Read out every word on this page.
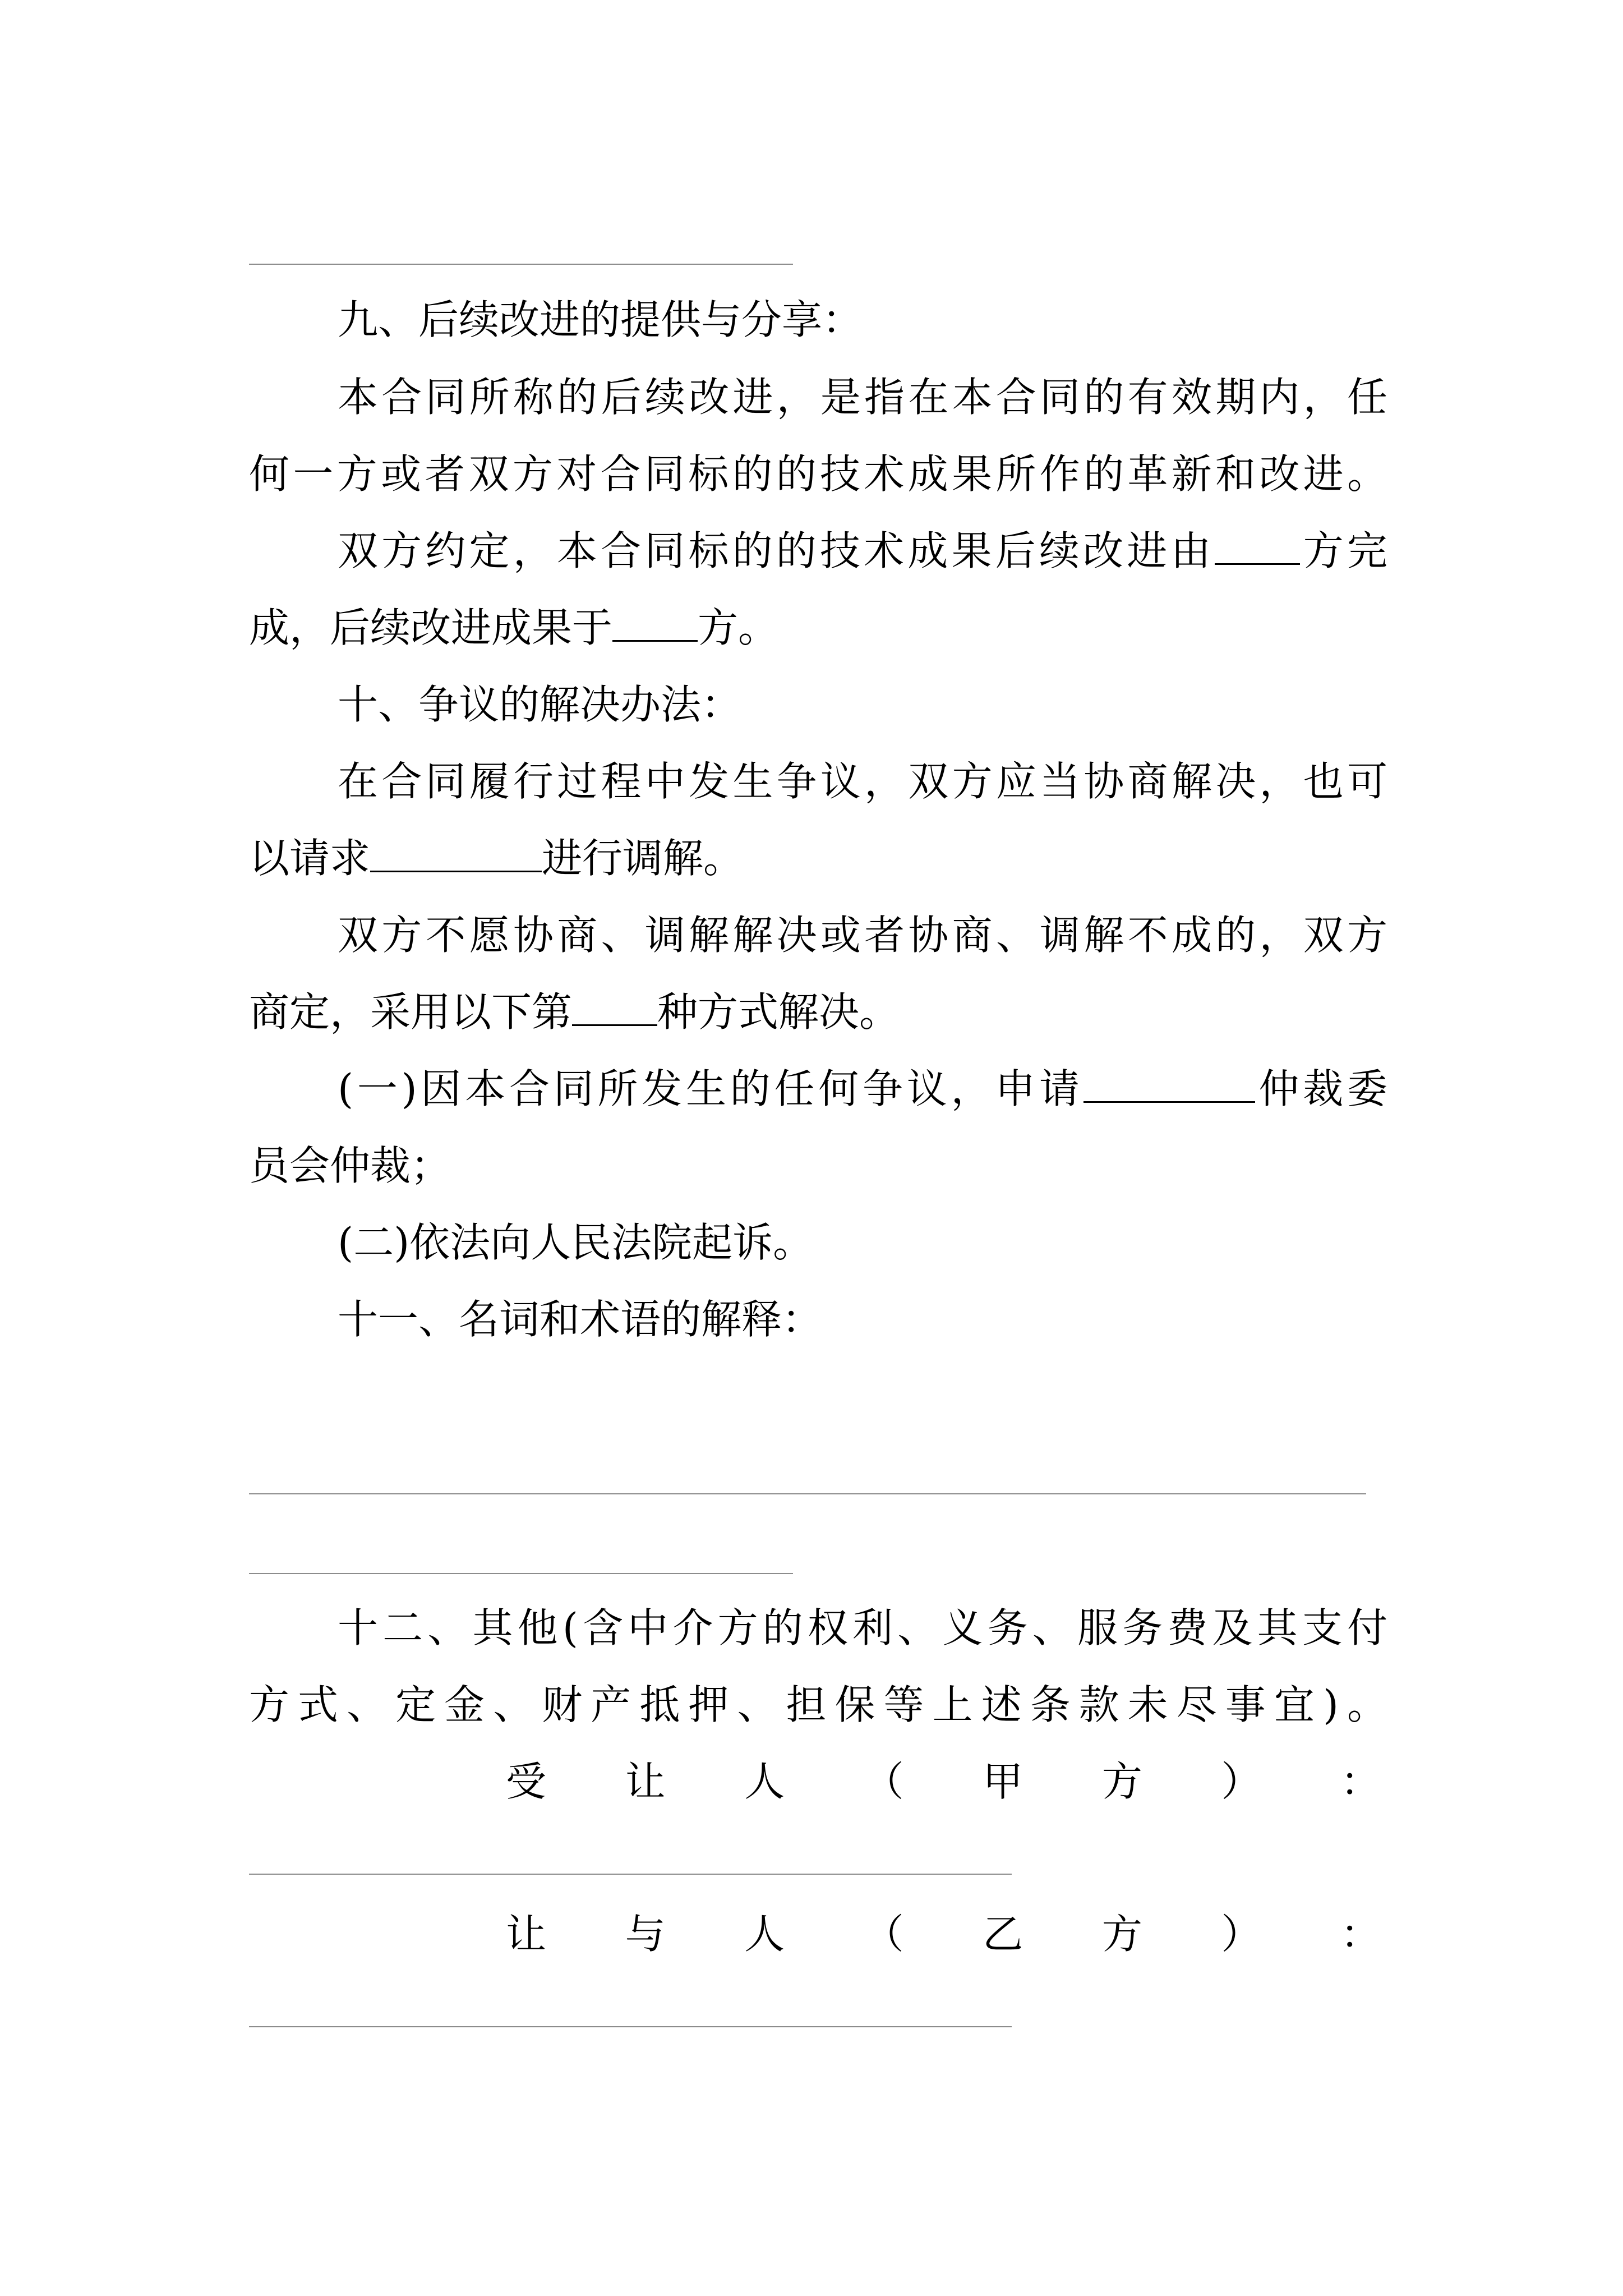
九、后续改进的提供与分享：
本合同所称的后续改进，是指在本合同的有效期内，任
何一方或者双方对合同标的的技术成果所作的革新和改进。
双方约定，本合同标的的技术成果后续改进由 方完
成，后续改进成果于 方。
十、争议的解决办法：
在合同履行过程中发生争议，双方应当协商解决，也可
以请求	进行调解。
双方不愿协商、调解解决或者协商、调解不成的，双方
商定，采用以下第 种方式解决。
(一)因本合同所发生的任何争议，申请	仲裁委
员会仲裁；
(二)依法向人民法院起诉。
十一、名词和术语的解释：
十二、其他(含中介方的权利、义务、服务费及其支付
方式、定金、财产抵押、担保等上述条款未尽事宜)。
受 让 人 （ 甲 方 ） ：
让 与 人 （ 乙 方 ） ：
